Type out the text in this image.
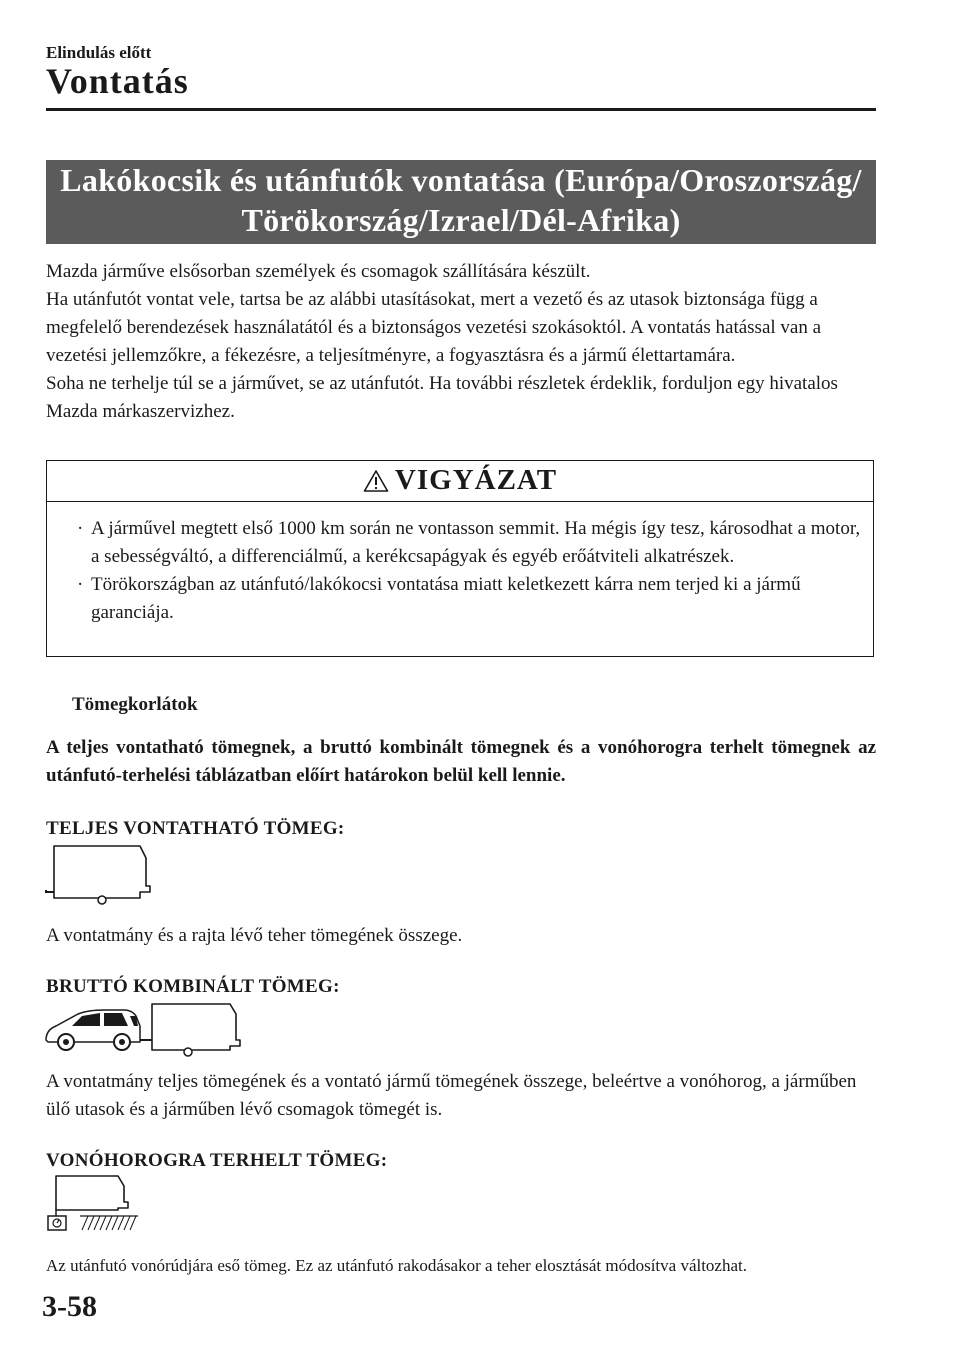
Elindulás előtt
Vontatás
Lakókocsik és utánfutók vontatása (Európa/Oroszország/
Törökország/Izrael/Dél-Afrika)

Mazda járműve elsősorban személyek és csomagok szállítására készült.

Ha utánfutót vontat vele, tartsa be az alábbi utasításokat, mert a vezető és az utasok biztonsága függ a megfelelő berendezések használatától és a biztonságos vezetési szokásoktól. A vontatás hatással van a vezetési jellemzőkre, a fékezésre, a teljesítményre, a fogyasztásra és a jármű élettartamára.

Soha ne terhelje túl se a járművet, se az utánfutót. Ha további részletek érdeklik, forduljon egy hivatalos Mazda márkaszervizhez.

VIGYÁZAT
· A járművel megtett első 1000 km során ne vontasson semmit. Ha mégis így tesz, károsodhat a motor, a sebességváltó, a differenciálmű, a kerékcsapágyak és egyéb erőátviteli alkatrészek.
· Törökországban az utánfutó/lakókocsi vontatása miatt keletkezett kárra nem terjed ki a jármű garanciája.
Tömegkorlátok
A teljes vontatható tömegnek, a bruttó kombinált tömegnek és a vonóhorogra terhelt tömegnek az utánfutó-terhelési táblázatban előírt határokon belül kell lennie.
TELJES VONTATHATÓ TÖMEG:
A vontatmány és a rajta lévő teher tömegének összege.
BRUTTÓ KOMBINÁLT TÖMEG:
A vontatmány teljes tömegének és a vontató jármű tömegének összege, beleértve a vonóhorog, a járműben ülő utasok és a járműben lévő csomagok tömegét is.
VONÓHOROGRA TERHELT TÖMEG:
Az utánfutó vonórúdjára eső tömeg. Ez az utánfutó rakodásakor a teher elosztását módosítva változhat.
3-58
